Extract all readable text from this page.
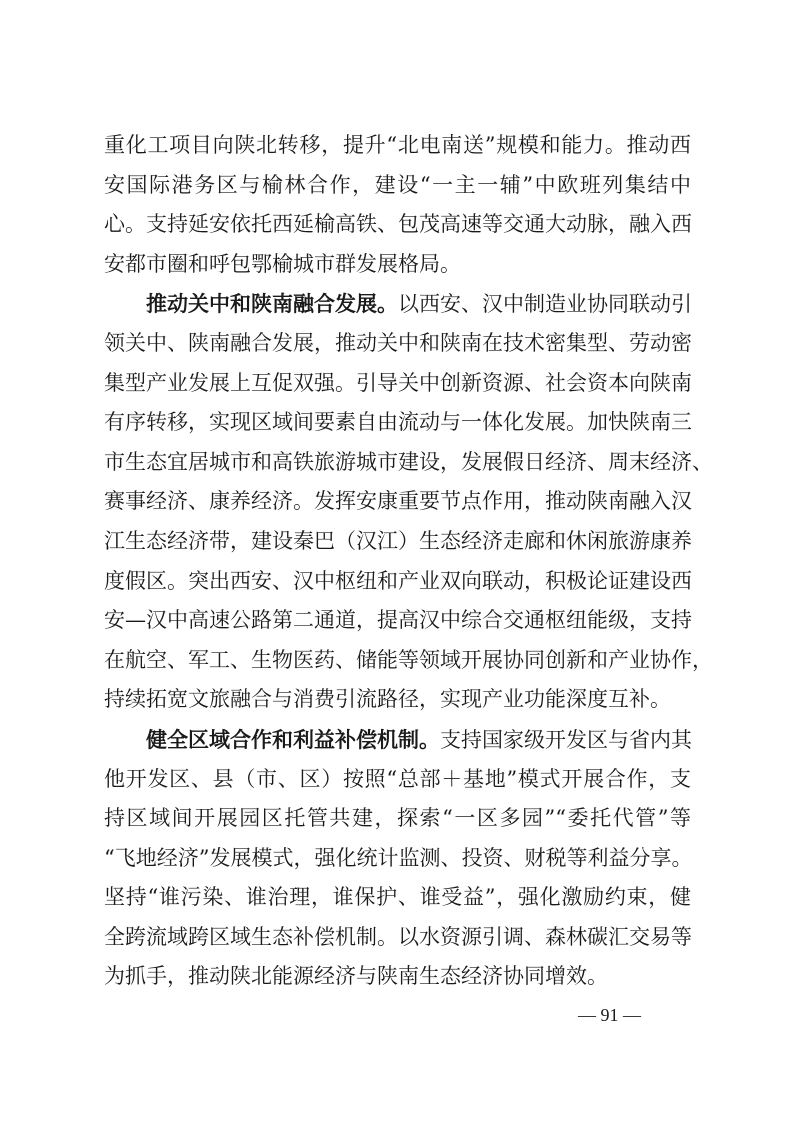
重化工项目向陕北转移，提升“北电南送”规模和能力。推动西
安国际港务区与榆林合作，建设“一主一辅”中欧班列集结中
心。支持延安依托西延榆高铁、包茂高速等交通大动脉，融入西
安都市圈和呼包鄂榆城市群发展格局。
推动关中和陕南融合发展。以西安、汉中制造业协同联动引
领关中、陕南融合发展，推动关中和陕南在技术密集型、劳动密
集型产业发展上互促双强。引导关中创新资源、社会资本向陕南
有序转移，实现区域间要素自由流动与一体化发展。加快陕南三
市生态宜居城市和高铁旅游城市建设，发展假日经济、周末经济、
赛事经济、康养经济。发挥安康重要节点作用，推动陕南融入汉
江生态经济带，建设秦巴（汉江）生态经济走廊和休闲旅游康养
度假区。突出西安、汉中枢纽和产业双向联动，积极论证建设西
安—汉中高速公路第二通道，提高汉中综合交通枢纽能级，支持
在航空、军工、生物医药、储能等领域开展协同创新和产业协作，
持续拓宽文旅融合与消费引流路径，实现产业功能深度互补。
健全区域合作和利益补偿机制。支持国家级开发区与省内其
他开发区、县（市、区）按照“总部＋基地”模式开展合作，支
持区域间开展园区托管共建，探索“一区多园”“委托代管”等
“飞地经济”发展模式，强化统计监测、投资、财税等利益分享。
坚持“谁污染、谁治理，谁保护、谁受益”，强化激励约束，健
全跨流域跨区域生态补偿机制。以水资源引调、森林碳汇交易等
为抓手，推动陕北能源经济与陕南生态经济协同增效。
— 91 —
